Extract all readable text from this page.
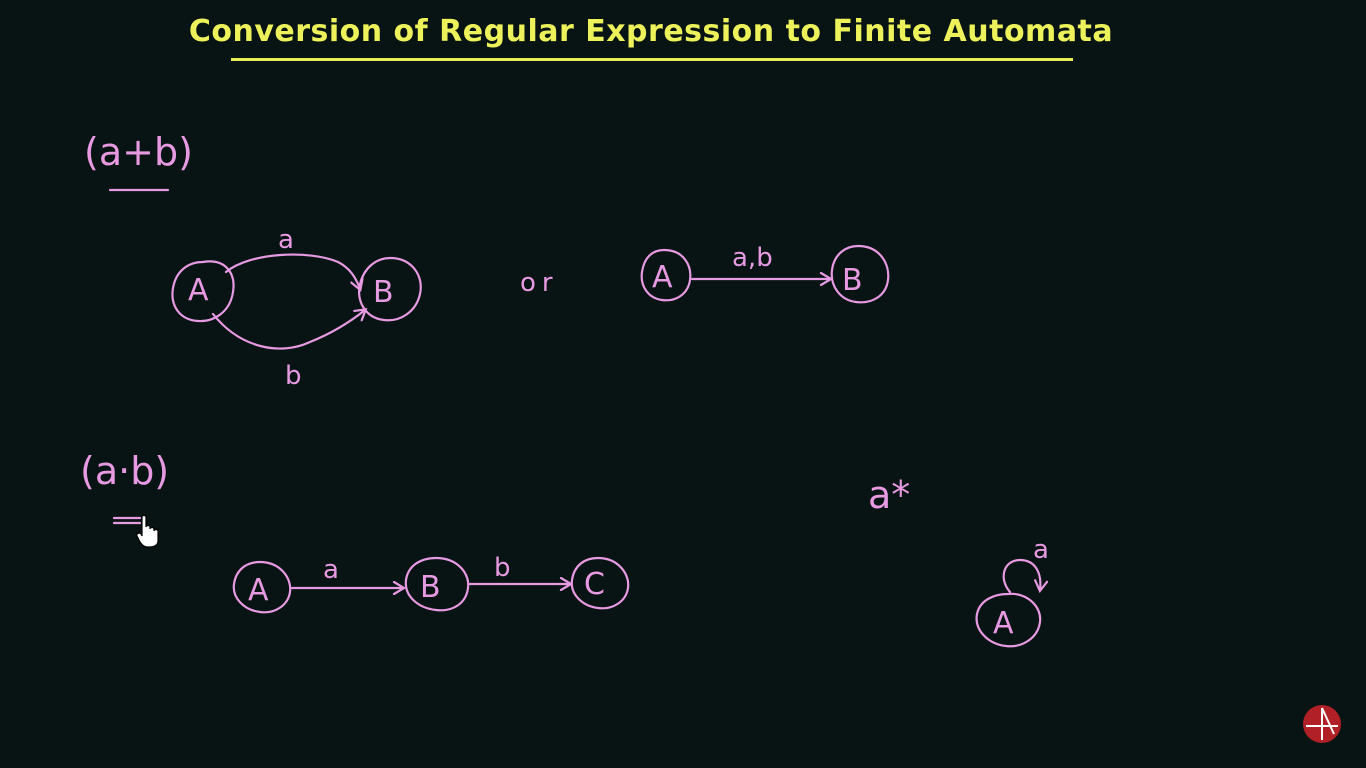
Conversion of Regular Expression to Finite Automata
(a+b)
A	B
a
b
or	A	B
a,b
(a·b)
A	B	C
a	b
a*
A
a
